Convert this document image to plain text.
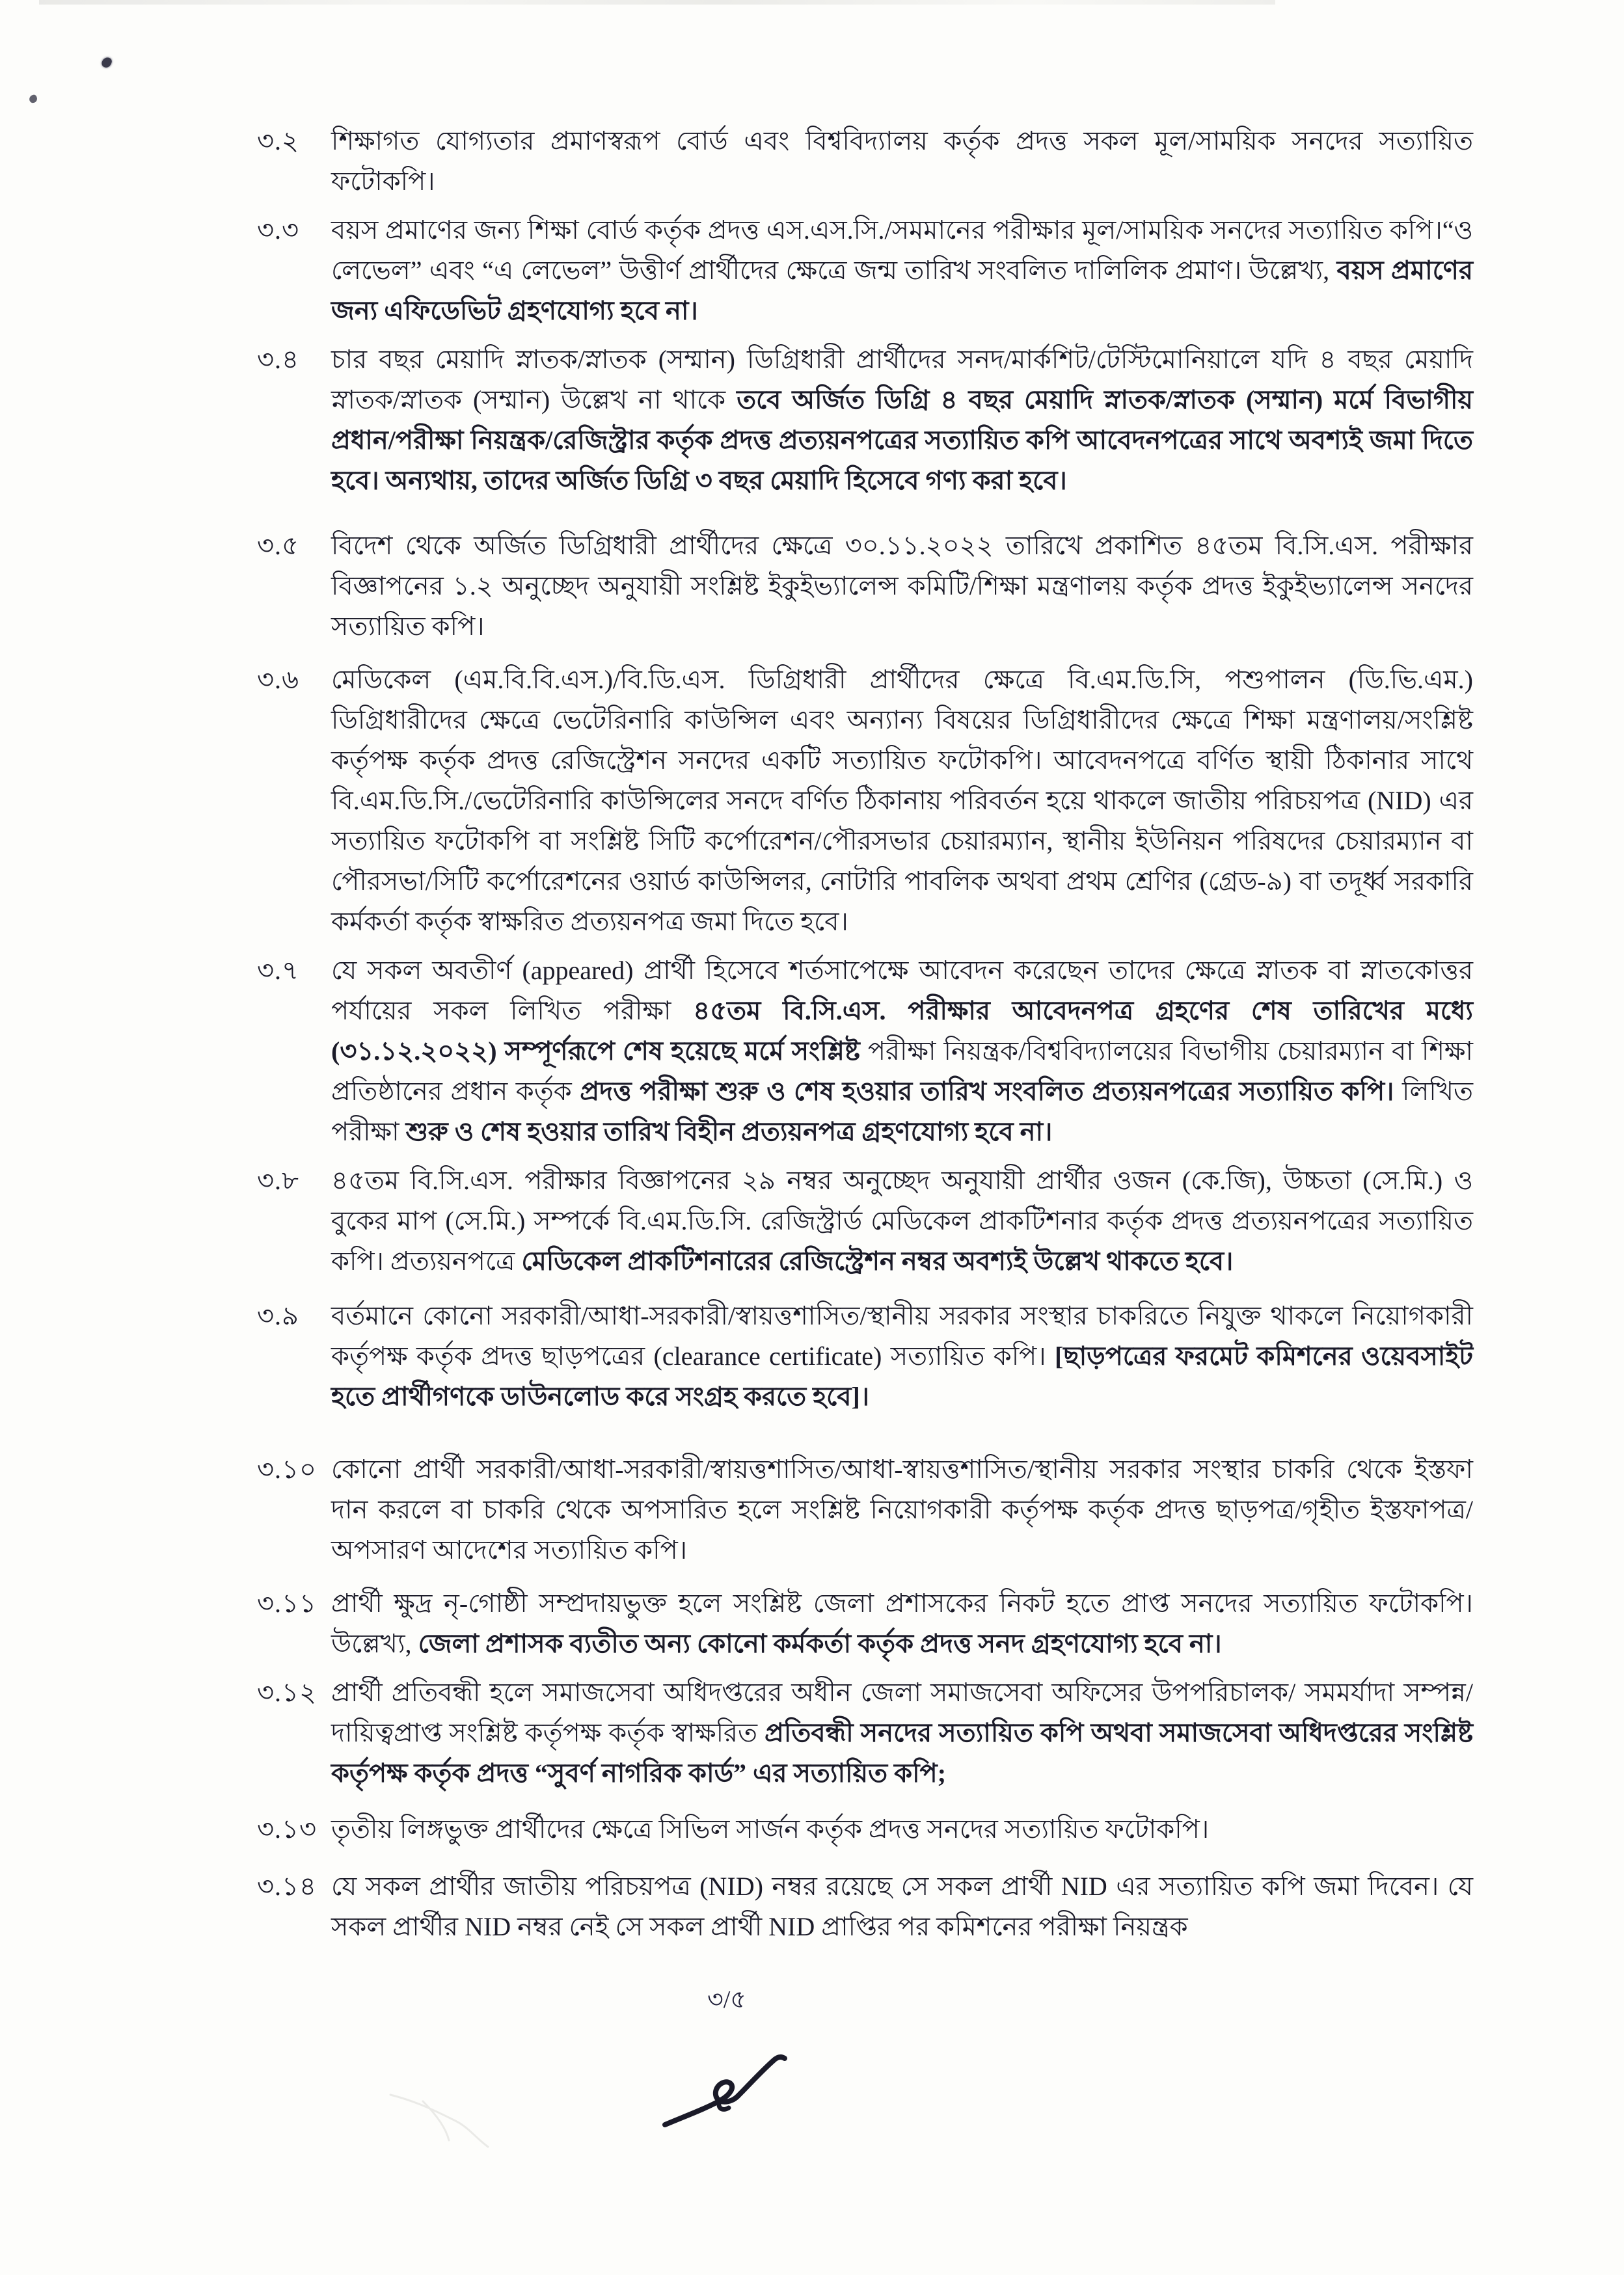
৩.২	শিক্ষাগত যোগ্যতার প্রমাণস্বরূপ বোর্ড এবং বিশ্ববিদ্যালয় কর্তৃক প্রদত্ত সকল মূল/সাময়িক সনদের সত্যায়িত ফটোকপি।
৩.৩	বয়স প্রমাণের জন্য শিক্ষা বোর্ড কর্তৃক প্রদত্ত এস.এস.সি./সমমানের পরীক্ষার মূল/সাময়িক সনদের সত্যায়িত কপি।“ও লেভেল” এবং “এ লেভেল” উত্তীর্ণ প্রার্থীদের ক্ষেত্রে জন্ম তারিখ সংবলিত দালিলিক প্রমাণ। উল্লেখ্য, বয়স প্রমাণের জন্য এফিডেভিট গ্রহণযোগ্য হবে না।
৩.৪	চার বছর মেয়াদি স্নাতক/স্নাতক (সম্মান) ডিগ্রিধারী প্রার্থীদের সনদ/মার্কশিট/টেস্টিমোনিয়ালে যদি ৪ বছর মেয়াদি স্নাতক/স্নাতক (সম্মান) উল্লেখ না থাকে তবে অর্জিত ডিগ্রি ৪ বছর মেয়াদি স্নাতক/স্নাতক (সম্মান) মর্মে বিভাগীয় প্রধান/পরীক্ষা নিয়ন্ত্রক/রেজিস্ট্রার কর্তৃক প্রদত্ত প্রত্যয়নপত্রের সত্যায়িত কপি আবেদনপত্রের সাথে অবশ্যই জমা দিতে হবে। অন্যথায়, তাদের অর্জিত ডিগ্রি ৩ বছর মেয়াদি হিসেবে গণ্য করা হবে।
৩.৫	বিদেশ থেকে অর্জিত ডিগ্রিধারী প্রার্থীদের ক্ষেত্রে ৩০.১১.২০২২ তারিখে প্রকাশিত ৪৫তম বি.সি.এস. পরীক্ষার বিজ্ঞাপনের ১.২ অনুচ্ছেদ অনুযায়ী সংশ্লিষ্ট ইকুইভ্যালেন্স কমিটি/শিক্ষা মন্ত্রণালয় কর্তৃক প্রদত্ত ইকুইভ্যালেন্স সনদের সত্যায়িত কপি।
৩.৬	মেডিকেল (এম.বি.বি.এস.)/বি.ডি.এস. ডিগ্রিধারী প্রার্থীদের ক্ষেত্রে বি.এম.ডি.সি, পশুপালন (ডি.ভি.এম.) ডিগ্রিধারীদের ক্ষেত্রে ভেটেরিনারি কাউন্সিল এবং অন্যান্য বিষয়ের ডিগ্রিধারীদের ক্ষেত্রে শিক্ষা মন্ত্রণালয়/সংশ্লিষ্ট কর্তৃপক্ষ কর্তৃক প্রদত্ত রেজিস্ট্রেশন সনদের একটি সত্যায়িত ফটোকপি। আবেদনপত্রে বর্ণিত স্থায়ী ঠিকানার সাথে বি.এম.ডি.সি./ভেটেরিনারি কাউন্সিলের সনদে বর্ণিত ঠিকানায় পরিবর্তন হয়ে থাকলে জাতীয় পরিচয়পত্র (NID) এর সত্যায়িত ফটোকপি বা সংশ্লিষ্ট সিটি কর্পোরেশন/পৌরসভার চেয়ারম্যান, স্থানীয় ইউনিয়ন পরিষদের চেয়ারম্যান বা পৌরসভা/সিটি কর্পোরেশনের ওয়ার্ড কাউন্সিলর, নোটারি পাবলিক অথবা প্রথম শ্রেণির (গ্রেড-৯) বা তদূর্ধ্ব সরকারি কর্মকর্তা কর্তৃক স্বাক্ষরিত প্রত্যয়নপত্র জমা দিতে হবে।
৩.৭	যে সকল অবতীর্ণ (appeared) প্রার্থী হিসেবে শর্তসাপেক্ষে আবেদন করেছেন তাদের ক্ষেত্রে স্নাতক বা স্নাতকোত্তর পর্যায়ের সকল লিখিত পরীক্ষা ৪৫তম বি.সি.এস. পরীক্ষার আবেদনপত্র গ্রহণের শেষ তারিখের মধ্যে (৩১.১২.২০২২) সম্পূর্ণরূপে শেষ হয়েছে মর্মে সংশ্লিষ্ট পরীক্ষা নিয়ন্ত্রক/বিশ্ববিদ্যালয়ের বিভাগীয় চেয়ারম্যান বা শিক্ষা প্রতিষ্ঠানের প্রধান কর্তৃক প্রদত্ত পরীক্ষা শুরু ও শেষ হওয়ার তারিখ সংবলিত প্রত্যয়নপত্রের সত্যায়িত কপি। লিখিত পরীক্ষা শুরু ও শেষ হওয়ার তারিখ বিহীন প্রত্যয়নপত্র গ্রহণযোগ্য হবে না।
৩.৮	৪৫তম বি.সি.এস. পরীক্ষার বিজ্ঞাপনের ২৯ নম্বর অনুচ্ছেদ অনুযায়ী প্রার্থীর ওজন (কে.জি), উচ্চতা (সে.মি.) ও বুকের মাপ (সে.মি.) সম্পর্কে বি.এম.ডি.সি. রেজিস্ট্রার্ড মেডিকেল প্রাকটিশনার কর্তৃক প্রদত্ত প্রত্যয়নপত্রের সত্যায়িত কপি। প্রত্যয়নপত্রে মেডিকেল প্রাকটিশনারের রেজিস্ট্রেশন নম্বর অবশ্যই উল্লেখ থাকতে হবে।
৩.৯	বর্তমানে কোনো সরকারী/আধা-সরকারী/স্বায়ত্তশাসিত/স্থানীয় সরকার সংস্থার চাকরিতে নিযুক্ত থাকলে নিয়োগকারী কর্তৃপক্ষ কর্তৃক প্রদত্ত ছাড়পত্রের (clearance certificate) সত্যায়িত কপি। [ছাড়পত্রের ফরমেট কমিশনের ওয়েবসাইট হতে প্রার্থীগণকে ডাউনলোড করে সংগ্রহ করতে হবে]।
৩.১০ কোনো প্রার্থী সরকারী/আধা-সরকারী/স্বায়ত্তশাসিত/আধা-স্বায়ত্তশাসিত/স্থানীয় সরকার সংস্থার চাকরি থেকে ইস্তফা দান করলে বা চাকরি থেকে অপসারিত হলে সংশ্লিষ্ট নিয়োগকারী কর্তৃপক্ষ কর্তৃক প্রদত্ত ছাড়পত্র/গৃহীত ইস্তফাপত্র/অপসারণ আদেশের সত্যায়িত কপি।
৩.১১ প্রার্থী ক্ষুদ্র নৃ-গোষ্ঠী সম্প্রদায়ভুক্ত হলে সংশ্লিষ্ট জেলা প্রশাসকের নিকট হতে প্রাপ্ত সনদের সত্যায়িত ফটোকপি। উল্লেখ্য, জেলা প্রশাসক ব্যতীত অন্য কোনো কর্মকর্তা কর্তৃক প্রদত্ত সনদ গ্রহণযোগ্য হবে না।
৩.১২ প্রার্থী প্রতিবন্ধী হলে সমাজসেবা অধিদপ্তরের অধীন জেলা সমাজসেবা অফিসের উপপরিচালক/ সমমর্যাদা সম্পন্ন/দায়িত্বপ্রাপ্ত সংশ্লিষ্ট কর্তৃপক্ষ কর্তৃক স্বাক্ষরিত প্রতিবন্ধী সনদের সত্যায়িত কপি অথবা সমাজসেবা অধিদপ্তরের সংশ্লিষ্ট কর্তৃপক্ষ কর্তৃক প্রদত্ত “সুবর্ণ নাগরিক কার্ড” এর সত্যায়িত কপি;
৩.১৩ তৃতীয় লিঙ্গভুক্ত প্রার্থীদের ক্ষেত্রে সিভিল সার্জন কর্তৃক প্রদত্ত সনদের সত্যায়িত ফটোকপি।
৩.১৪ যে সকল প্রার্থীর জাতীয় পরিচয়পত্র (NID) নম্বর রয়েছে সে সকল প্রার্থী NID এর সত্যায়িত কপি জমা দিবেন। যে সকল প্রার্থীর NID নম্বর নেই সে সকল প্রার্থী NID প্রাপ্তির পর কমিশনের পরীক্ষা নিয়ন্ত্রক
৩/৫
